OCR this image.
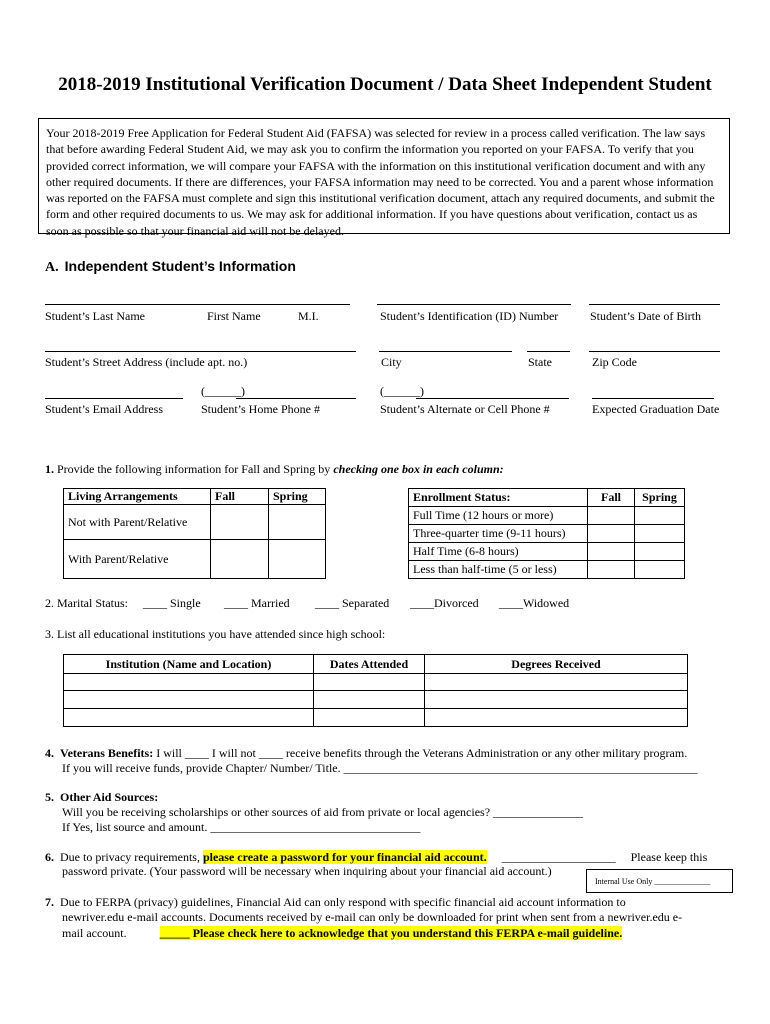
2018-2019 Institutional Verification Document / Data Sheet Independent Student
Your 2018-2019 Free Application for Federal Student Aid (FAFSA) was selected for review in a process called verification. The law says that before awarding Federal Student Aid, we may ask you to confirm the information you reported on your FAFSA. To verify that you provided correct information, we will compare your FAFSA with the information on this institutional verification document and with any other required documents. If there are differences, your FAFSA information may need to be corrected. You and a parent whose information was reported on the FAFSA must complete and sign this institutional verification document, attach any required documents, and submit the form and other required documents to us. We may ask for additional information. If you have questions about verification, contact us as soon as possible so that your financial aid will not be delayed.
A. Independent Student’s Information
Student’s Last Name	First Name	M.I.	Student’s Identification (ID) Number	Student’s Date of Birth
Student’s Street Address (include apt. no.)	City	State	Zip Code
(______)	(______)
Student’s Email Address	Student’s Home Phone #	Student’s Alternate or Cell Phone #	Expected Graduation Date
1. Provide the following information for Fall and Spring by checking one box in each column:
Living Arrangements	Fall	Spring
Not with Parent/Relative		
With Parent/Relative		
Enrollment Status:	Fall	Spring
Full Time (12 hours or more)		
Three-quarter time (9-11 hours)		
Half Time (6-8 hours)		
Less than half-time (5 or less)		
2. Marital Status: ____ Single ____ Married ____ Separated ____Divorced ____Widowed
3. List all educational institutions you have attended since high school:
Institution (Name and Location)	Dates Attended	Degrees Received

4. Veterans Benefits: I will ____ I will not ____ receive benefits through the Veterans Administration or any other military program.
If you will receive funds, provide Chapter/ Number/ Title. ___________________________________________________________
5. Other Aid Sources:
Will you be receiving scholarships or other sources of aid from private or local agencies? _______________
If Yes, list source and amount. ___________________________________
6. Due to privacy requirements, please create a password for your financial aid account. ___________________ Please keep this
password private. (Your password will be necessary when inquiring about your financial aid account.)
Internal Use Only ______________
7. Due to FERPA (privacy) guidelines, Financial Aid can only respond with specific financial aid account information to
newriver.edu e-mail accounts. Documents received by e-mail can only be downloaded for print when sent from a newriver.edu e-
mail account.	_____ Please check here to acknowledge that you understand this FERPA e-mail guideline.
